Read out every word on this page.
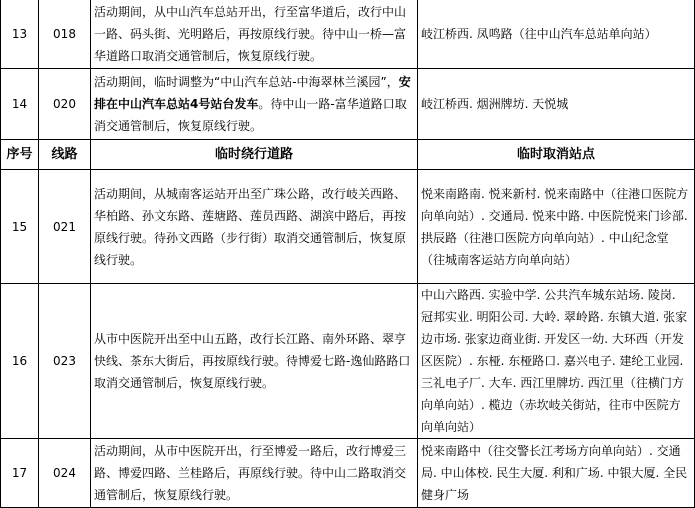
13	018	活动期间，从中山汽车总站开出，行至富华道后，改行中山一路、码头街、光明路后，再按原线行驶。待中山一桥—富华道路口取消交通管制后，恢复原线行驶。	岐江桥西. 凤鸣路（往中山汽车总站单向站）
14	020	活动期间，临时调整为“中山汽车总站-中海翠林兰溪园”，安排在中山汽车总站4号站台发车。待中山一路-富华道路口取消交通管制后，恢复原线行驶。	岐江桥西. 烟洲牌坊. 天悦城
序号	线路	临时绕行道路	临时取消站点
15	021	活动期间，从城南客运站开出至广珠公路，改行岐关西路、华柏路、孙文东路、莲塘路、莲员西路、湖滨中路后，再按原线行驶。待孙文西路（步行街）取消交通管制后，恢复原线行驶。	悦来南路南. 悦来新村. 悦来南路中（往港口医院方向单向站）. 交通局. 悦来中路. 中医院悦来门诊部. 拱辰路（往港口医院方向单向站）. 中山纪念堂（往城南客运站方向单向站）
16	023	从市中医院开出至中山五路，改行长江路、南外环路、翠亨快线、茶东大街后，再按原线行驶。待博爱七路-逸仙路路口取消交通管制后，恢复原线行驶。	中山六路西. 实验中学. 公共汽车城东站场. 陵岗. 冠邦实业. 明阳公司. 大岭. 翠岭路. 东镇大道. 张家边市场. 张家边商业街. 开发区一幼. 大环西（开发区医院）. 东桠. 东桠路口. 嘉兴电子. 建纶工业园. 三礼电子厂. 大车. 西江里牌坊. 西江里（往横门方向单向站）. 榄边（赤坎岐关街站，往市中医院方向单向站）
17	024	活动期间，从市中医院开出，行至博爱一路后，改行博爱三路、博爱四路、兰桂路后，再原线行驶。待中山二路取消交通管制后，恢复原线行驶。	悦来南路中（往交警长江考场方向单向站）. 交通局. 中山体校. 民生大厦. 利和广场. 中银大厦. 全民健身广场
